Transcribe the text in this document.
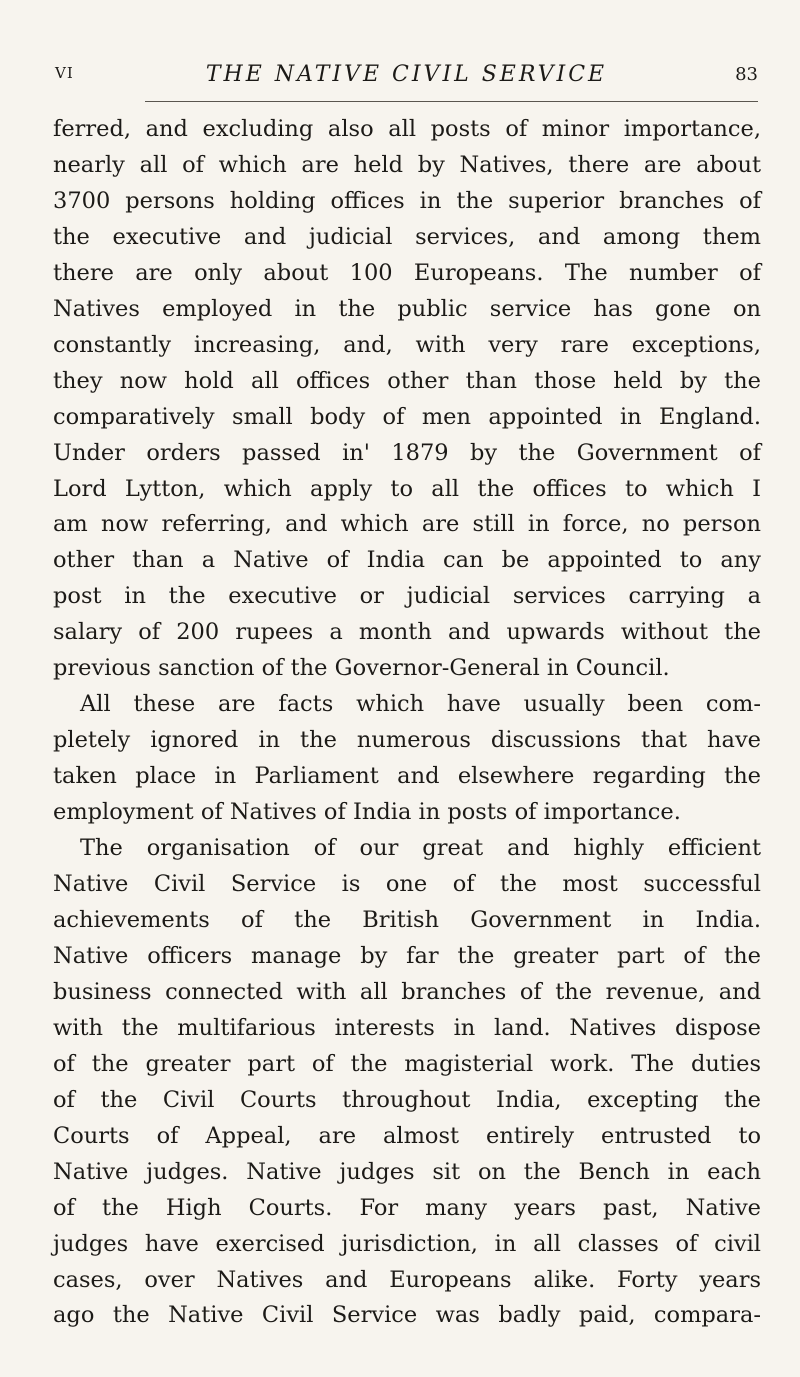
VI	THE NATIVE CIVIL SERVICE	83
ferred, and excluding also all posts of minor importance,
nearly all of which are held by Natives, there are about
3700 persons holding offices in the superior branches of
the executive and judicial services, and among them
there are only about 100 Europeans. The number of
Natives employed in the public service has gone on
constantly increasing, and, with very rare exceptions,
they now hold all offices other than those held by the
comparatively small body of men appointed in England.
Under orders passed in' 1879 by the Government of
Lord Lytton, which apply to all the offices to which I
am now referring, and which are still in force, no person
other than a Native of India can be appointed to any
post in the executive or judicial services carrying a
salary of 200 rupees a month and upwards without the
previous sanction of the Governor-General in Council.
All these are facts which have usually been com-
pletely ignored in the numerous discussions that have
taken place in Parliament and elsewhere regarding the
employment of Natives of India in posts of importance.
The organisation of our great and highly efficient
Native Civil Service is one of the most successful
achievements of the British Government in India.
Native officers manage by far the greater part of the
business connected with all branches of the revenue, and
with the multifarious interests in land. Natives dispose
of the greater part of the magisterial work. The duties
of the Civil Courts throughout India, excepting the
Courts of Appeal, are almost entirely entrusted to
Native judges. Native judges sit on the Bench in each
of the High Courts. For many years past, Native
judges have exercised jurisdiction, in all classes of civil
cases, over Natives and Europeans alike. Forty years
ago the Native Civil Service was badly paid, compara-
